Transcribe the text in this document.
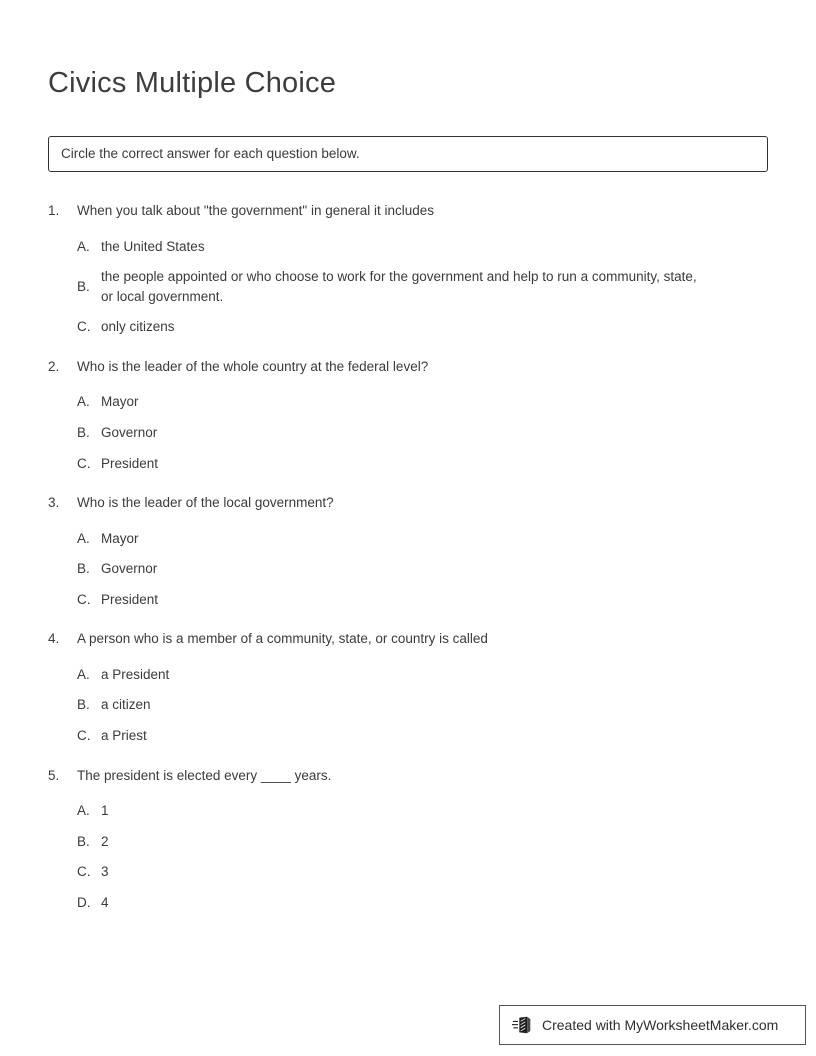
Civics Multiple Choice
Circle the correct answer for each question below.
1.	When you talk about "the government" in general it includes
A. the United States
B.
the people appointed or who choose to work for the government and help to run a community, state, or local government.
C. only citizens
2.	Who is the leader of the whole country at the federal level?
A. Mayor
B. Governor
C. President
3.	Who is the leader of the local government?
A. Mayor
B. Governor
C. President
4.	A person who is a member of a community, state, or country is called
A. a President
B. a citizen
C. a Priest
5.	The president is elected every ____ years.
A. 1
B. 2
C. 3
D. 4
Created with MyWorksheetMaker.com
